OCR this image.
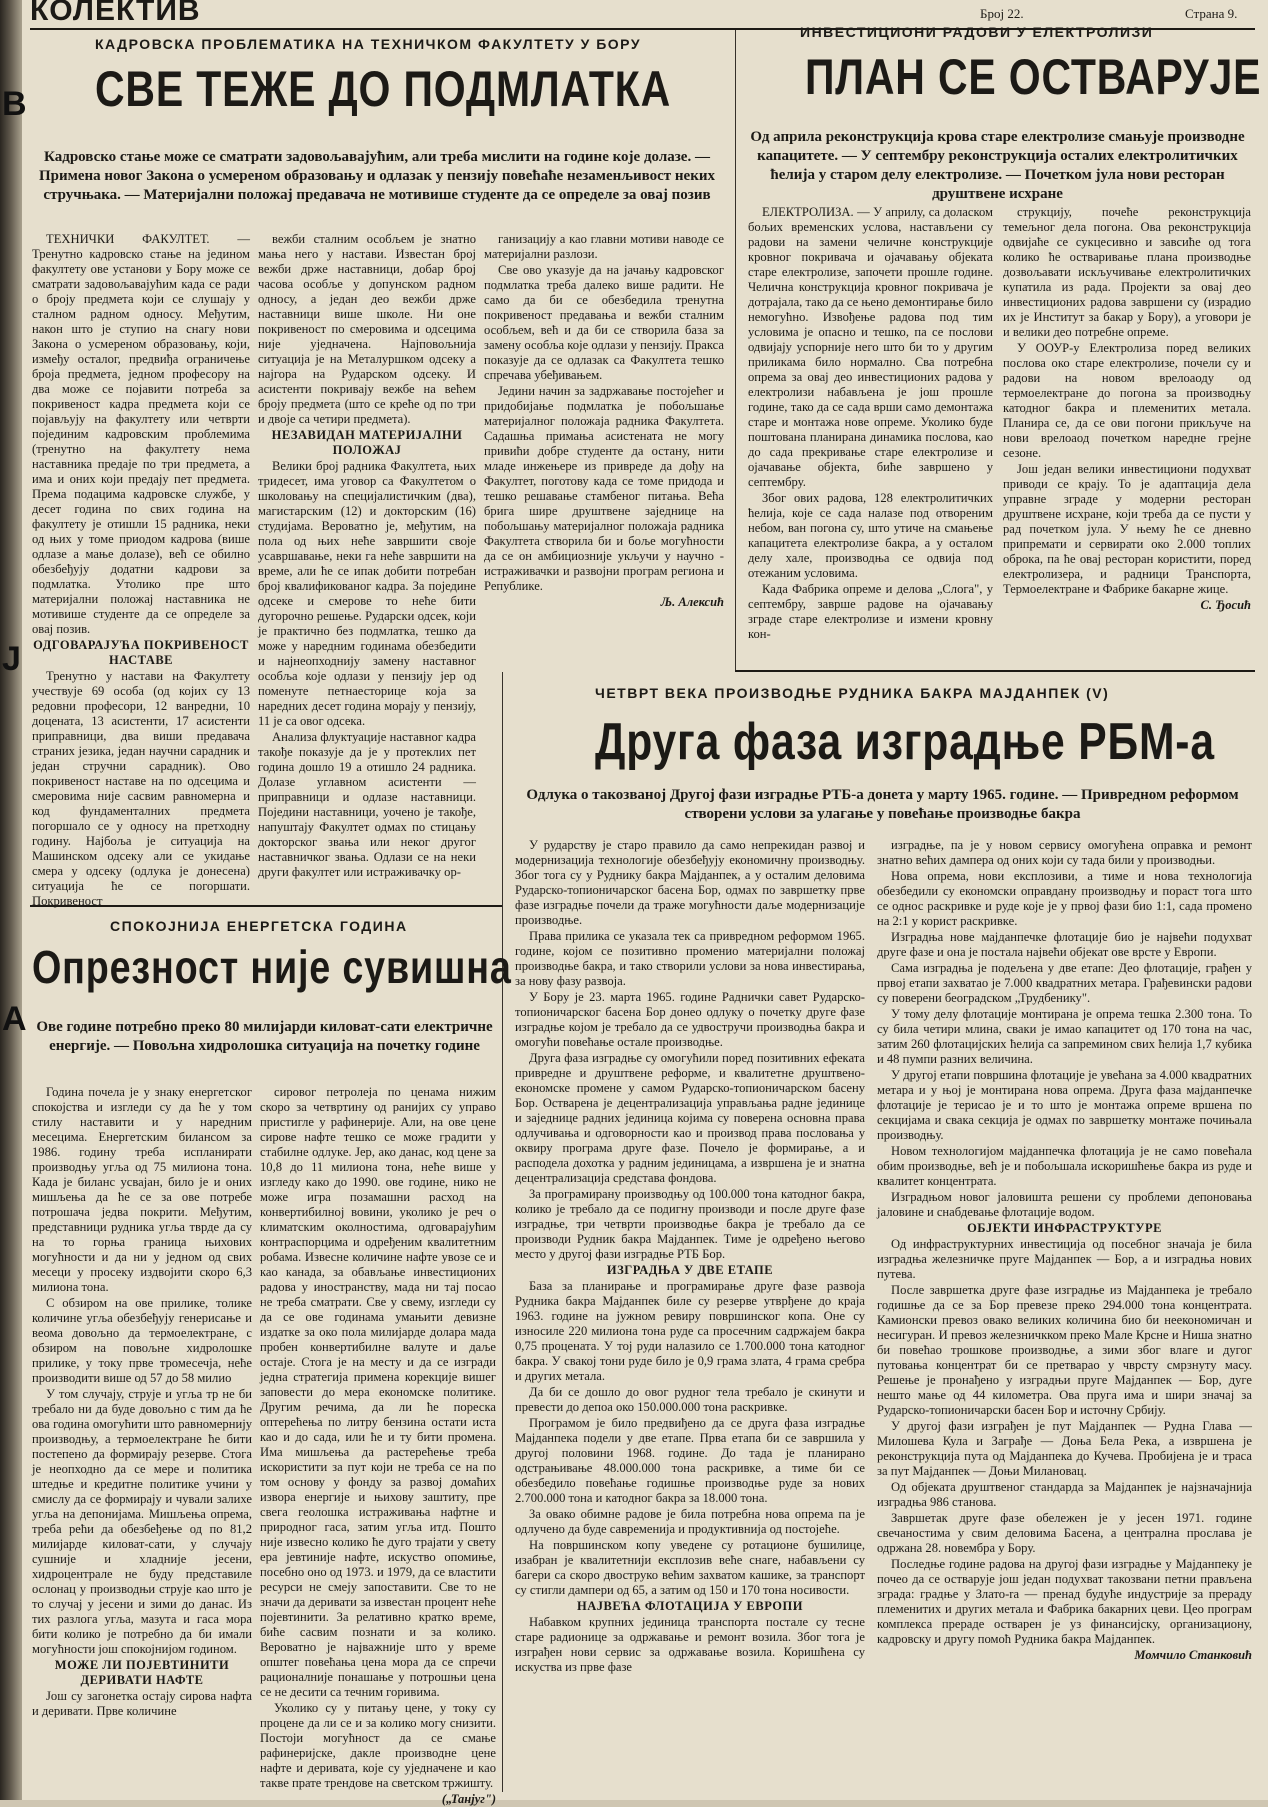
В
Ј
А
КОЛЕКТИВ	Број 22.	Страна 9.
КАДРОВСКА ПРОБЛЕМАТИКА НА ТЕХНИЧКОМ ФАКУЛТЕТУ У БОРУ
СВЕ ТЕЖЕ ДО ПОДМЛАТКА
Кадровско стање може се сматрати задовољавајућим, али треба мислити на године које долазе. — Примена новог Закона о усмереном образовању и одлазак у пензију повећаће незаменљивост неких стручњака. — Материјални положај предавача не мотивише студенте да се определе за овај позив

ТЕХНИЧКИ ФАКУЛТЕТ. — Тренутно кадровско стање на једином факултету ове установи у Бору може се сматрати задовољавајућим када се ради о броју предмета који се слушају у сталном радном односу. Међутим, након што је ступио на снагу нови Закона о усмереном образовању, који, између осталог, предвиђа ограничење броја предмета, једном професору на два може се појавити потреба за покривеност кадра предмета који се појављују на факултету или четврти појединим кадровским проблемима (тренутно на факултету нема наставника предаје по три предмета, а има и оних који предају пет предмета. Према подацима кадровске службе, у десет година по свих година на факултету је отишли 15 радника, неки од њих у томе приодом кадрова (више одлазе а мање долазе), већ се обилно обезбеђују додатни кадрови за подмлатка. Утолико пре што материјални положај наставника не мотивише студенте да се определе за овај позив.

ОДГОВАРАЈУЋА ПОКРИВЕНОСТ НАСТАВЕ

Тренутно у настави на Факултету учествује 69 особа (од којих су 13 редовни професори, 12 ванредни, 10 доцената, 13 асистенти, 17 асистенти приправници, два виши предавача страних језика, један научни сарадник и један стручни сарадник). Ово покривеност наставе на по одсецима и смеровима није сасвим равномерна и код фундаменталних предмета погоршало се у односу на претходну годину. Најбоља је ситуација на Машинском одсеку али се укидање смера у одсеку (одлука је донесена) ситуација ће се погоршати. Покривеност

вежби сталним особљем је знатно мања него у настави. Известан број вежби држе наставници, добар број часова особље у допунском радном односу, а један део вежби држе наставници више школе. Ни оне покривеност по смеровима и одсецима није уједначена. Најповољнија ситуација је на Металуршком одсеку а најгора на Рударском одсеку. И асистенти покривају вежбе на већем броју предмета (што се креће од по три и двоје са четири предмета).

НЕЗАВИДАН МАТЕРИЈАЛНИ ПОЛОЖАЈ

Велики број радника Факултета, њих тридесет, има уговор са Факултетом о школовању на специјалистичким (два), магистарским (12) и докторским (16) студијама. Вероватно је, међутим, на пола од њих неће завршити своје усавршавање, неки га неће завршити на време, али ће се ипак добити потребан број квалификованог кадра. За поједине одсеке и смерове то неће бити дугорочно решење. Рударски одсек, који је практично без подмлатка, тешко да може у наредним годинама обезбедити и најнеопходнију замену наставног особља које одлази у пензију јер од поменуте петнаесторице која за наредних десет година морају у пензију, 11 је са овог одсека.

Анализа флуктуације наставног кадра такође показује да је у протеклих пет година дошло 19 а отишло 24 радника. Долазе углавном асистенти — приправници и одлазе наставници. Поједини наставници, уочено је такође, напуштају Факултет одмах по стицању докторског звања или неког другог наставничког звања. Одлази се на неки други факултет или истраживачку ор-

ганизацију а као главни мотиви наводе се материјални разлози.

Све ово указује да на јачању кадровског подмлатка треба далеко више радити. Не само да би се обезбедила тренутна покривеност предавања и вежби сталним особљем, већ и да би се створила база за замену особља које одлази у пензију. Пракса показује да се одлазак са Факултета тешко спречава убеђивањем.

Једини начин за задржавање постојећег и придобијање подмлатка је побољшање материјалног положаја радника Факултета. Садашња примања асистената не могу привићи добре студенте да остану, нити младе инжењере из привреде да дођу на Факултет, поготову када се томе придода и тешко решавање стамбеног питања. Већа брига шире друштвене заједнице на побољшању материјалног положаја радника Факултета створила би и боље могућности да се он амбициозније укључи у научно - истраживачки и развојни програм региона и Републике.

Љ. Алексић

ИНВЕСТИЦИОНИ РАДОВИ У ЕЛЕКТРОЛИЗИ
ПЛАН СЕ ОСТВАРУЈЕ
Од априла реконструкција крова старе електролизе смањује производне капацитете. — У септембру реконструкција осталих електролитичких ћелија у старом делу електролизе. — Почетком јула нови ресторан друштвене исхране

ЕЛЕКТРОЛИЗА. — У априлу, са доласком бољих временских услова, настављени су радови на замени челичне конструкције кровног покривача и ојачавању објеката старе електролизе, започети прошле године. Челична конструкција кровног покривача је дотрајала, тако да се њено демонтирање било немогућно. Извођење радова под тим условима је опасно и тешко, па се послови одвијају успорније него што би то у другим приликама било нормално. Сва потребна опрема за овај део инвестиционих радова у електролизи набављена је још прошле године, тако да се сада врши само демонтажа старе и монтажа нове опреме. Уколико буде поштована планирана динамика послова, као до сада прекривање старе електролизе и ојачавање објекта, биће завршено у септембру.

Због ових радова, 128 електролитичких ћелија, које се сада налазе под отвореним небом, ван погона су, што утиче на смањење капацитета електролизе бакра, а у осталом делу хале, производња се одвија под отежаним условима.

Када Фабрика опреме и делова „Слога", у септембру, заврше радове на ојачавању зграде старе електролизе и измени кровну кон-

струкцију, почеће реконструкција темељног дела погона. Ова реконструкција одвијаће се сукцесивно и завсиће од тога колико ће остваривање плана производње дозвољавати искључивање електролитичких купатила из рада. Пројекти за овај део инвестиционих радова завршени су (израдио их је Институт за бакар у Бору), а уговори је и велики део потребне опреме.

У ООУР-у Електролиза поред великих послова око старе електролизе, почели су и радови на новом врелоаоду од термоелектране до погона за производњу катодног бакра и племенитих метала. Планира се, да се ови погони прикључе на нови врелоаод почетком наредне грејне сезоне.

Још један велики инвестициони подухват приводи се крају. То је адаптација дела управне зграде у модерни ресторан друштвене исхране, који треба да се пусти у рад почетком јула. У њему ће се дневно припремати и сервирати око 2.000 топлих оброка, па ће овај ресторан користити, поред електролизера, и радници Транспорта, Термоелектране и Фабрике бакарне жице.

С. Ђосић

СПОКОЈНИЈА ЕНЕРГЕТСКА ГОДИНА
Опрезност није сувишна
Ове године потребно преко 80 милијарди киловат-сати електричне енергије. — Повољна хидролошка ситуација на почетку године

Година почела је у знаку енергетског спокојства и изгледи су да ће у том стилу наставити и у наредним месецима. Енергетским билансом за 1986. годину треба испланирати производњу угља од 75 милиона тона. Када је биланс усвајан, било је и оних мишљења да ће се за ове потребе потрошача једва покрити. Међутим, представници рудника угља тврде да су на то горња граница њихових могућности и да ни у једном од свих месеци у просеку издвојити скоро 6,3 милиона тона.

С обзиром на ове прилике, толике количине угља обезбеђују генерисање и веома довољно да термоелектране, с обзиром на повољне хидролошке прилике, у току прве тромесечја, неће производити више од 57 до 58 милио

У том случају, струје и угља тр не би требало ни да буде довољно с тим да ће ова година омогућити што равномернију производњу, а термоелектране ће бити постепено да формирају резерве. Стога је неопходно да се мере и политика штедње и кредитне политике учини у смислу да се формирају и чували залихе угља на депонијама. Мишљења опрема, треба рећи да обезбеђење од по 81,2 милијарде киловат-сати, у случају сушније и хладније јесени, хидроцентрале не буду представиле ослонац у производњи струје као што је то случај у јесени и зими до данас. Из тих разлога угља, мазута и гаса мора бити колико је потребно да би имали могућности још спокојнијом годином.

МОЖЕ ЛИ ПОЈЕВТИНИТИ ДЕРИВАТИ НАФТЕ

Још су загонетка остају сирова нафта и деривати. Прве количине

сировог петролеја по ценама нижим скоро за четвртину од ранијих су управо пристигле у рафинерије. Али, на ове цене сирове нафте тешко се може градити у стабилне одлуке. Јер, ако данас, код цене за 10,8 до 11 милиона тона, неће више у изгледу како до 1990. ове године, нико не може игра позамашни расход на конвертибилној вовини, уколико је реч о климатским околностима, одговарајућим контраспорцима и одређеним квалитетним робама. Извесне количине нафте увозе се и као канада, за обављање инвестиционих радова у иностранству, мада ни тај посао не треба сматрати. Све у свему, изгледи су да се ове годинама умањити девизне издатке за око пола милијарде долара мада пробен конвертибилне валуте и даље остаје. Стога је на месту и да се изгради једна стратегија примена корекције вишег заповести до мера економске политике. Другим речима, да ли ће пореска оптерећења по литру бензина остати иста као и до сада, или ће и ту бити промена. Има мишљења да растерећење треба искористити за пут који не треба се на по том основу у фонду за развој домаћих извора енергије и њихову заштиту, пре свега геолошка истраживања нафтне и природног гаса, затим угља итд. Пошто није извесно колико ће дуго трајати у свету ера јевтиније нафте, искуство опомиње, посебно оно од 1973. и 1979, да се властити ресурси не смеју запоставити. Све то не значи да деривати за известан процент неће појевтинити. За релативно кратко време, биће сасвим познати и за колико. Вероватно је најважније што у време општег повећања цена мора да се спречи рационалније понашање у потрошњи цена се не десити са течним горивима.

Уколико су у питању цене, у току су процене да ли се и за колико могу снизити. Постоји могућност да се смање рафинеријске, дакле производне цене нафте и деривата, које су уједначене и као такве прате трендове на светском тржишту.

(„Танјуг")

ЧЕТВРТ ВЕКА ПРОИЗВОДЊЕ РУДНИКА БАКРА МАЈДАНПЕК (V)
Друга фаза изградње РБМ-а
Одлука о такозваној Другој фази изградње РТБ-а донета у марту 1965. године. — Привредном реформом створени услови за улагање у повећање производње бакра

У рударству је старо правило да само непрекидан развој и модернизација технологије обезбеђују економичну производњу. Због тога су у Руднику бакра Мајданпек, а у осталим деловима Рударско-топионичарског басена Бор, одмах по завршетку прве фазе изградње почели да траже могућности даље модернизације производње.

Права прилика се указала тек са привредном реформом 1965. године, којом се позитивно променио материјални положај производње бакра, и тако створили услови за нова инвестирања, за нову фазу развоја.

У Бору је 23. марта 1965. године Раднички савет Рударско-топионичарског басена Бор донео одлуку о почетку друге фазе изградње којом је требало да се удвостручи производња бакра и омогући повећање остале производње.

Друга фаза изградње су омогућили поред позитивних ефеката привредне и друштвене реформе, и квалитетне друштвено-економске промене у самом Рударско-топионичарском басену Бор. Остварена је децентрализација управљања радне јединице и заједнице радних јединица којима су поверена основна права одлучивања и одговорности као и производ права пословања у оквиру програма друге фазе. Почело је формирање, а и расподела дохотка у радним јединицама, а извршена је и знатна децентрализација средстава фондова.

За програмирану производњу од 100.000 тона катодног бакра, колико је требало да се подигну производи и после друге фазе изградње, три четврти производње бакра је требало да се производи Рудник бакра Мајданпек. Тиме је одређено његово место у другој фази изградње РТБ Бор.

ИЗГРАДЊА У ДВЕ ЕТАПЕ

База за планирање и програмирање друге фазе развоја Рудника бакра Мајданпек биле су резерве утврђене до краја 1963. године на јужном ревиру површинског копа. Оне су износиле 220 милиона тона руде са просечним садржајем бакра 0,75 процената. У тој руди налазило се 1.700.000 тона катодног бакра. У свакој тони руде било је 0,9 грама злата, 4 грама сребра и других метала.

Да би се дошло до овог рудног тела требало је скинути и превести до депоа око 150.000.000 тона раскривке.

Програмом је било предвиђено да се друга фаза изградње Мајданпека подели у две етапе. Прва етапа би се завршила у другој половини 1968. године. До тада је планирано одстрањивање 48.000.000 тона раскривке, а тиме би се обезбедило повећање годишње производње руде за нових 2.700.000 тона и катодног бакра за 18.000 тона.

За овако обимне радове је била потребна нова опрема па је одлучено да буде савременија и продуктивнија од постојеће.

На површинском копу уведене су ротационе бушилице, изабран је квалитетнији експлозив веће снаге, набављени су багери са скоро двоструко већим захватом кашике, за транспорт су стигли дампери од 65, а затим од 150 и 170 тона носивости.

НАЈВЕЋА ФЛОТАЦИЈА У ЕВРОПИ

Набавком крупних јединица транспорта постале су тесне старе радионице за одржавање и ремонт возила. Због тога је изграђен нови сервис за одржавање возила. Коришћена су искуства из прве фазе

изградње, па је у новом сервису омогућена оправка и ремонт знатно већих дампера од оних који су тада били у производњи.

Нова опрема, нови експлозиви, а тиме и нова технологија обезбедили су економски оправдану производњу и пораст тога што се однос раскривке и руде које је у првој фази био 1:1, сада промено на 2:1 у корист раскривке.

Изградња нове мајданпечке флотације био је највећи подухват друге фазе и она је постала највећи објекат ове врсте у Европи.

Сама изградња је подељена у две етапе: Део флотације, грађен у првој етапи захватао је 7.000 квадратних метара. Грађевински радови су поверени београдском „Трудбенику".

У тому делу флотације монтирана је опрема тешка 2.300 тона. То су била четири млина, сваки је имао капацитет од 170 тона на час, затим 260 флотацијских ћелија са запремином свих ћелија 1,7 кубика и 48 пумпи разних величина.

У другој етапи површина флотације је увећана за 4.000 квадратних метара и у њој је монтирана нова опрема. Друга фаза мајданпечке флотације је терисао је и то што је монтажа опреме вршена по секцијама и свака секција је одмах по завршетку монтаже почињала производњу.

Новом технологијом мајданпечка флотација је не само повећала обим производње, већ је и побољшала искоришћење бакра из руде и квалитет концентрата.

Изградњом новог јаловишта решени су проблеми депоновања јаловине и снабдевање флотације водом.

ОБЈЕКТИ ИНФРАСТРУКТУРЕ

Од инфраструктурних инвестиција од посебног значаја је била изградња железничке пруге Мајданпек — Бор, а и изградња нових путева.

После завршетка друге фазе изградње из Мајданпека је требало годишње да се за Бор превезе преко 294.000 тона концентрата. Камионски превоз овако великих количина био би неекономичан и несигуран. И превоз железничкком преко Мале Крсне и Ниша знатно би повећао трошкове производње, а зими због влаге и дугог путовања концентрат би се претварао у чврсту смрзнуту масу. Решење је пронађено у изградњи пруге Мајданпек — Бор, дуге нешто мање од 44 километра. Ова пруга има и шири значај за Рударско-топионичарски басен Бор и источну Србију.

У другој фази изграђен је пут Мајданпек — Рудна Глава — Милошева Кула и Загрaђе — Доња Бела Река, а извршена је реконструкција пута од Мајданпека до Кучева. Пробијена је и траса за пут Мајданпек — Доњи Милановац.

Од објеката друштвеног стандарда за Мајданпек је најзначајнија изградња 986 станова.

Завршетак друге фазе обележен је у јесен 1971. године свечаностима у свим деловима Басена, а централна прослава је одржана 28. новембра у Бору.

Последње године радова на другој фази изградње у Мајданпеку је почео да се остварује још један подухват такозвани петни прављена зграда: градње у Злато-ra — пренад будуће индустрије за прераду племенитих и других метала и Фабрика бакарних цеви. Цео програм комплекса прераде остварен је уз финансијску, организациону, кадровску и другу помоћ Рудника бакра Мајданпек.

Момчило Станковић
